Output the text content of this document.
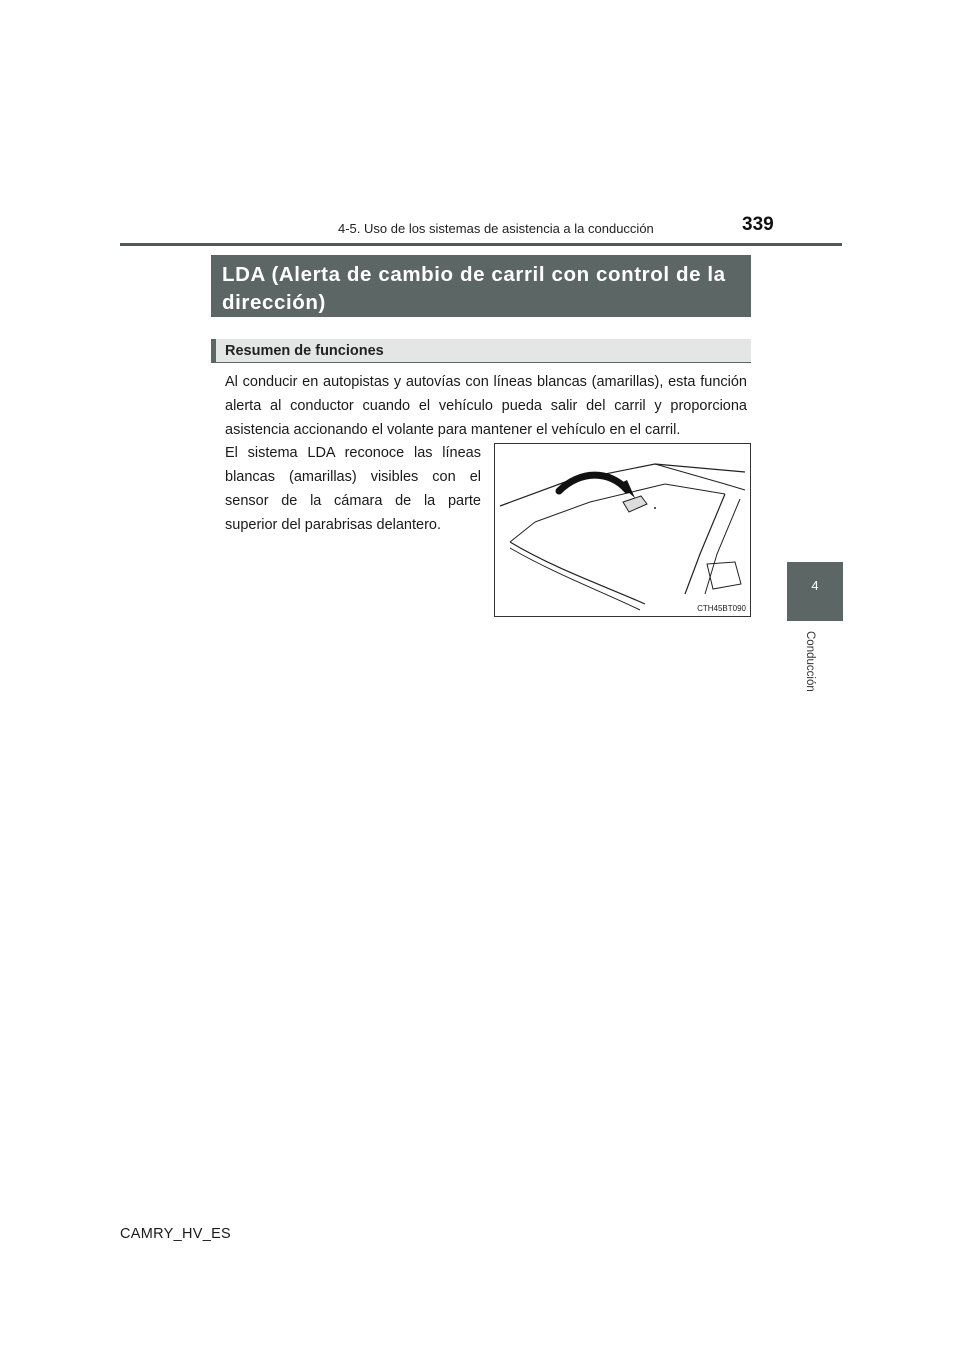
4-5. Uso de los sistemas de asistencia a la conducción	339
LDA (Alerta de cambio de carril con control de la dirección)
Resumen de funciones

Al conducir en autopistas y autovías con líneas blancas (amarillas), esta función alerta al conductor cuando el vehículo pueda salir del carril y proporciona asistencia accionando el volante para mantener el vehículo en el carril.

El sistema LDA reconoce las líneas blancas (amarillas) visibles con el sensor de la cámara de la parte superior del parabrisas delantero.

CTH45BT090
4
Conducción
CAMRY_HV_ES
